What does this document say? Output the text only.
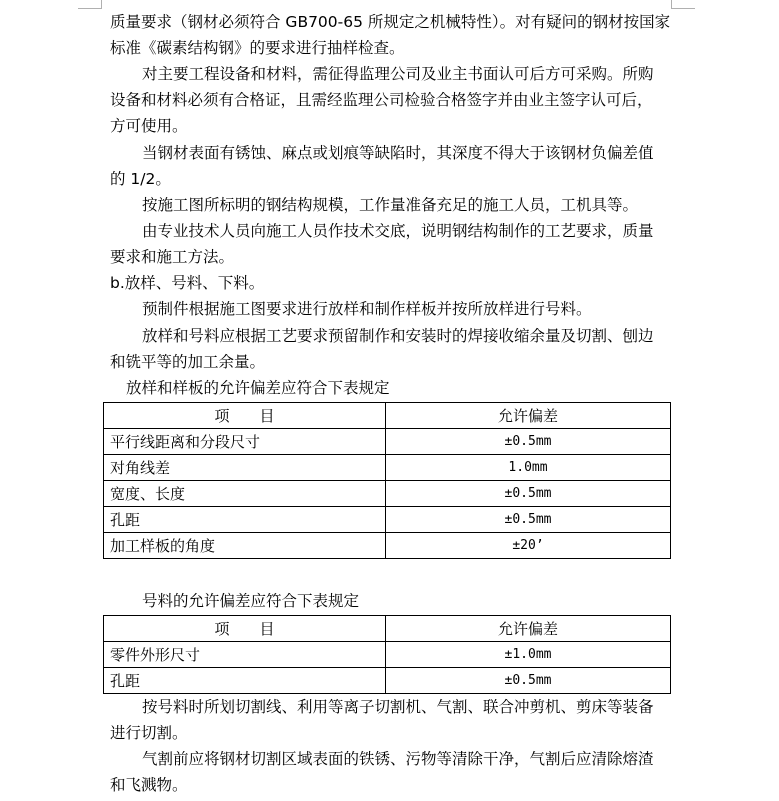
质量要求（钢材必须符合 GB700-65 所规定之机械特性）。对有疑问的钢材按国家
标准《碳素结构钢》的要求进行抽样检查。
对主要工程设备和材料，需征得监理公司及业主书面认可后方可采购。所购
设备和材料必须有合格证，且需经监理公司检验合格签字并由业主签字认可后，
方可使用。
当钢材表面有锈蚀、麻点或划痕等缺陷时，其深度不得大于该钢材负偏差值
的 1/2。
按施工图所标明的钢结构规模，工作量准备充足的施工人员，工机具等。
由专业技术人员向施工人员作技术交底，说明钢结构制作的工艺要求，质量
要求和施工方法。
b.放样、号料、下料。
预制件根据施工图要求进行放样和制作样板并按所放样进行号料。
放样和号料应根据工艺要求预留制作和安装时的焊接收缩余量及切割、刨边
和铣平等的加工余量。
放样和样板的允许偏差应符合下表规定
项　　目	允许偏差
平行线距离和分段尺寸	±0.5mm
对角线差	1.0mm
宽度、长度	±0.5mm
孔距	±0.5mm
加工样板的角度	±20’
号料的允许偏差应符合下表规定
项　　目	允许偏差
零件外形尺寸	±1.0mm
孔距	±0.5mm
按号料时所划切割线、利用等离子切割机、气割、联合冲剪机、剪床等装备
进行切割。
气割前应将钢材切割区域表面的铁锈、污物等清除干净，气割后应清除熔渣
和飞溅物。
